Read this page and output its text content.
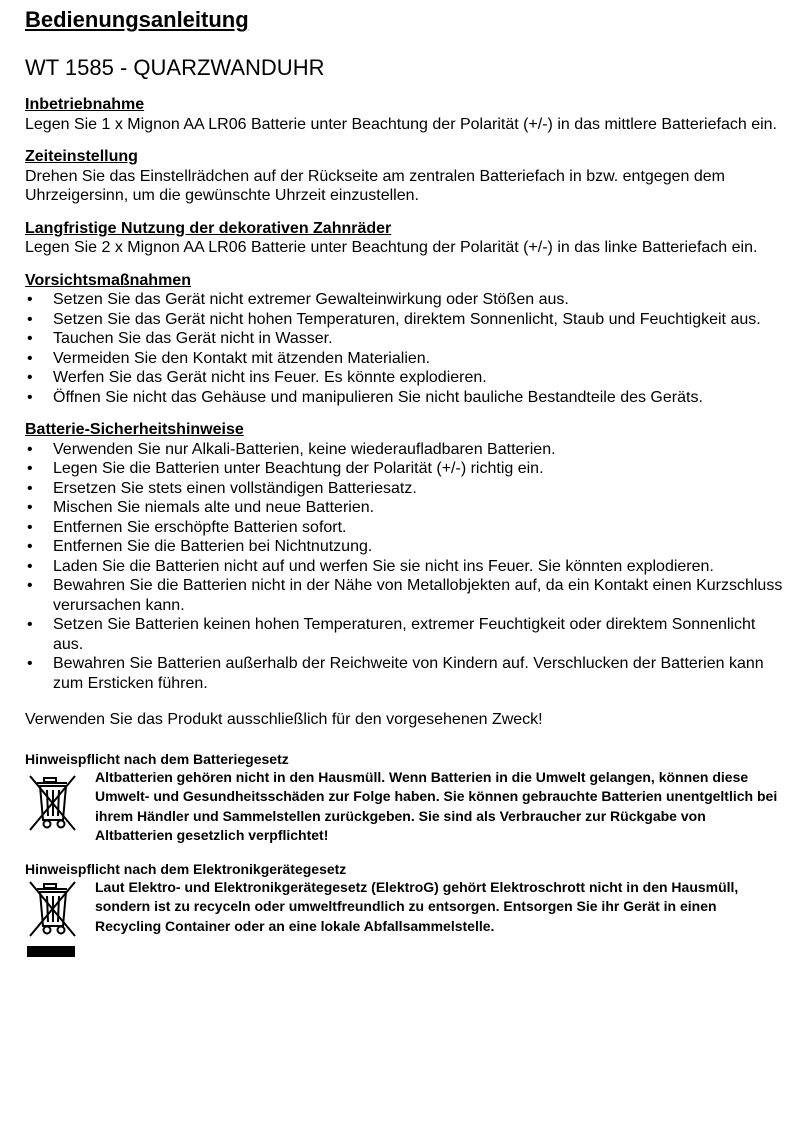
Bedienungsanleitung
WT 1585 - QUARZWANDUHR
Inbetriebnahme

Legen Sie 1 x Mignon AA LR06 Batterie unter Beachtung der Polarität (+/-) in das mittlere Batteriefach ein.

Zeiteinstellung

Drehen Sie das Einstellrädchen auf der Rückseite am zentralen Batteriefach in bzw. entgegen dem Uhrzeigersinn, um die gewünschte Uhrzeit einzustellen.

Langfristige Nutzung der dekorativen Zahnräder

Legen Sie 2 x Mignon AA LR06 Batterie unter Beachtung der Polarität (+/-) in das linke Batteriefach ein.

Vorsichtsmaßnahmen
• Setzen Sie das Gerät nicht extremer Gewalteinwirkung oder Stößen aus.
• Setzen Sie das Gerät nicht hohen Temperaturen, direktem Sonnenlicht, Staub und Feuchtigkeit aus.
• Tauchen Sie das Gerät nicht in Wasser.
• Vermeiden Sie den Kontakt mit ätzenden Materialien.
• Werfen Sie das Gerät nicht ins Feuer. Es könnte explodieren.
• Öffnen Sie nicht das Gehäuse und manipulieren Sie nicht bauliche Bestandteile des Geräts.
Batterie-Sicherheitshinweise
• Verwenden Sie nur Alkali-Batterien, keine wiederaufladbaren Batterien.
• Legen Sie die Batterien unter Beachtung der Polarität (+/-) richtig ein.
• Ersetzen Sie stets einen vollständigen Batteriesatz.
• Mischen Sie niemals alte und neue Batterien.
• Entfernen Sie erschöpfte Batterien sofort.
• Entfernen Sie die Batterien bei Nichtnutzung.
• Laden Sie die Batterien nicht auf und werfen Sie sie nicht ins Feuer. Sie könnten explodieren.
• Bewahren Sie die Batterien nicht in der Nähe von Metallobjekten auf, da ein Kontakt einen Kurzschluss verursachen kann.
• Setzen Sie Batterien keinen hohen Temperaturen, extremer Feuchtigkeit oder direktem Sonnenlicht aus.
• Bewahren Sie Batterien außerhalb der Reichweite von Kindern auf. Verschlucken der Batterien kann zum Ersticken führen.
Verwenden Sie das Produkt ausschließlich für den vorgesehenen Zweck!
Hinweispflicht nach dem Batteriegesetz
Altbatterien gehören nicht in den Hausmüll. Wenn Batterien in die Umwelt gelangen, können diese Umwelt- und Gesundheitsschäden zur Folge haben. Sie können gebrauchte Batterien unentgeltlich bei ihrem Händler und Sammelstellen zurückgeben. Sie sind als Verbraucher zur Rückgabe von Altbatterien gesetzlich verpflichtet!
Hinweispflicht nach dem Elektronikgerätegesetz
Laut Elektro- und Elektronikgerätegesetz (ElektroG) gehört Elektroschrott nicht in den Hausmüll, sondern ist zu recyceln oder umweltfreundlich zu entsorgen. Entsorgen Sie ihr Gerät in einen Recycling Container oder an eine lokale Abfallsammelstelle.
